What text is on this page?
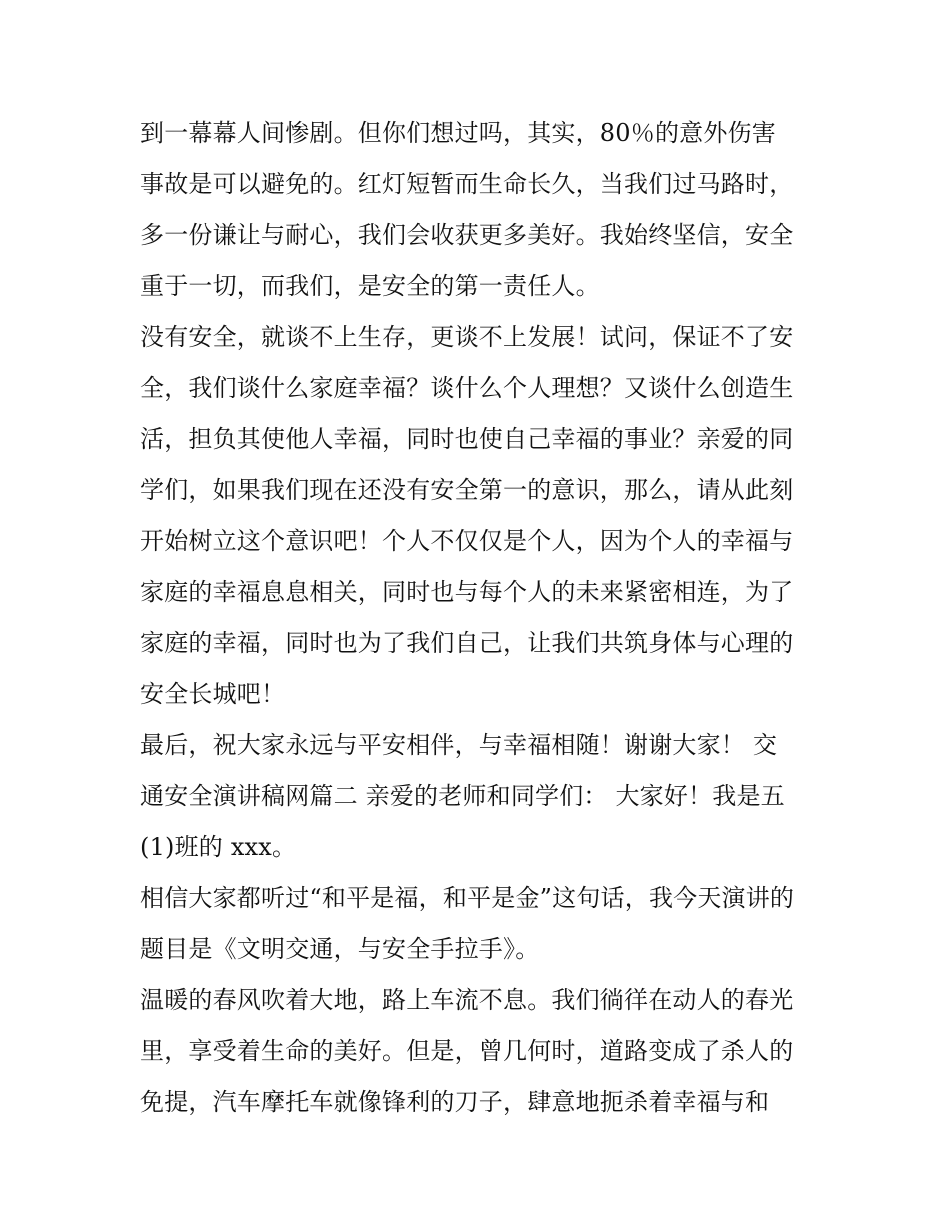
到一幕幕人间惨剧。但你们想过吗，其实，80％的意外伤害
事故是可以避免的。红灯短暂而生命长久，当我们过马路时，
多一份谦让与耐心，我们会收获更多美好。我始终坚信，安全
重于一切，而我们，是安全的第一责任人。
没有安全，就谈不上生存，更谈不上发展！试问，保证不了安
全，我们谈什么家庭幸福？谈什么个人理想？又谈什么创造生
活，担负其使他人幸福，同时也使自己幸福的事业？亲爱的同
学们，如果我们现在还没有安全第一的意识，那么，请从此刻
开始树立这个意识吧！个人不仅仅是个人，因为个人的幸福与
家庭的幸福息息相关，同时也与每个人的未来紧密相连，为了
家庭的幸福，同时也为了我们自己，让我们共筑身体与心理的
安全长城吧！
最后，祝大家永远与平安相伴，与幸福相随！谢谢大家！ 交
通安全演讲稿网篇二 亲爱的老师和同学们： 大家好！我是五
(1)班的 xxx。
相信大家都听过“和平是福，和平是金”这句话，我今天演讲的
题目是《文明交通，与安全手拉手》。
温暖的春风吹着大地，路上车流不息。我们徜徉在动人的春光
里，享受着生命的美好。但是，曾几何时，道路变成了杀人的
免提，汽车摩托车就像锋利的刀子，肆意地扼杀着幸福与和
